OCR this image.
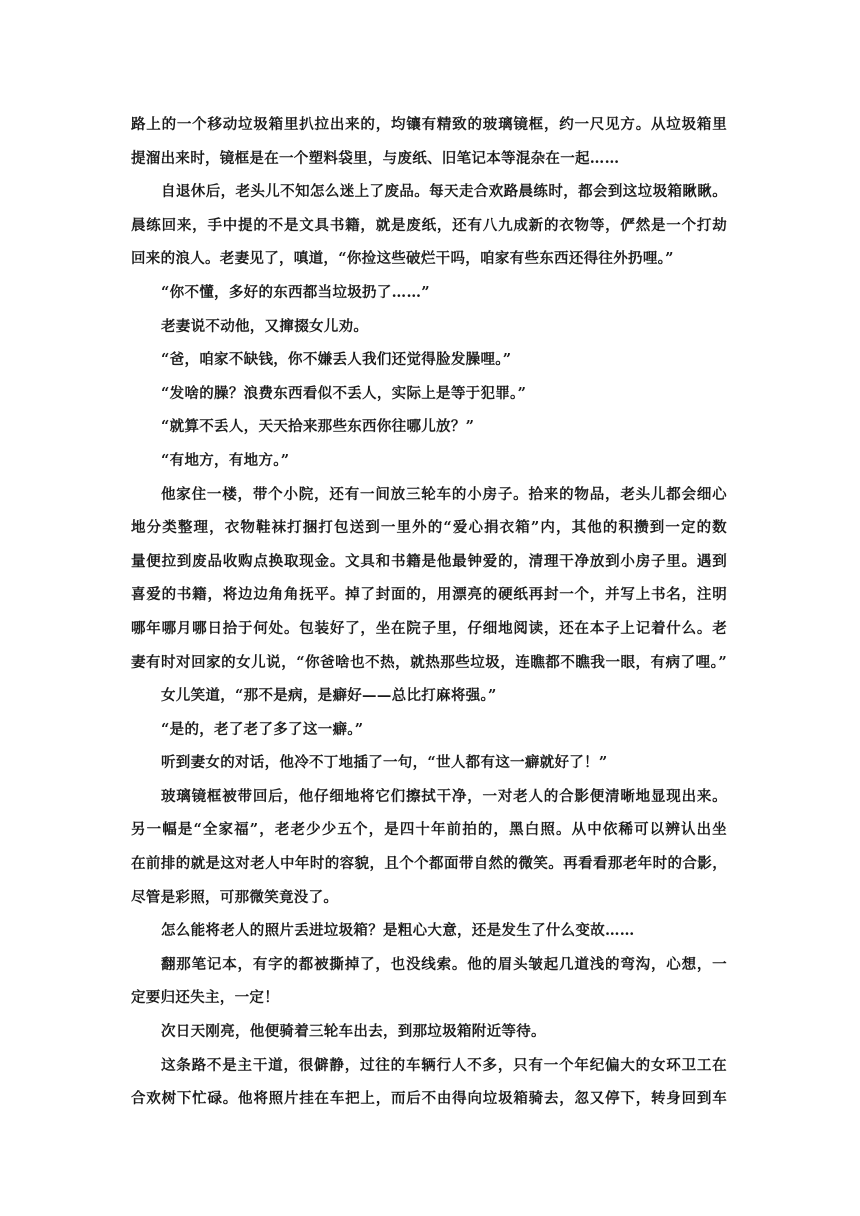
路上的一个移动垃圾箱里扒拉出来的，均镶有精致的玻璃镜框，约一尺见方。从垃圾箱里
提溜出来时，镜框是在一个塑料袋里，与废纸、旧笔记本等混杂在一起……
自退休后，老头儿不知怎么迷上了废品。每天走合欢路晨练时，都会到这垃圾箱瞅瞅。
晨练回来，手中提的不是文具书籍，就是废纸，还有八九成新的衣物等，俨然是一个打劫
回来的浪人。老妻见了，嗔道，“你捡这些破烂干吗，咱家有些东西还得往外扔哩。”
“你不懂，多好的东西都当垃圾扔了……”
老妻说不动他，又撺掇女儿劝。
“爸，咱家不缺钱，你不嫌丢人我们还觉得脸发臊哩。”
“发啥的臊？浪费东西看似不丢人，实际上是等于犯罪。”
“就算不丢人，天天拾来那些东西你往哪儿放？”
“有地方，有地方。”
他家住一楼，带个小院，还有一间放三轮车的小房子。拾来的物品，老头儿都会细心
地分类整理，衣物鞋袜打捆打包送到一里外的“爱心捐衣箱”内，其他的积攒到一定的数
量便拉到废品收购点换取现金。文具和书籍是他最钟爱的，清理干净放到小房子里。遇到
喜爱的书籍，将边边角角抚平。掉了封面的，用漂亮的硬纸再封一个，并写上书名，注明
哪年哪月哪日拾于何处。包装好了，坐在院子里，仔细地阅读，还在本子上记着什么。老
妻有时对回家的女儿说，“你爸啥也不热，就热那些垃圾，连瞧都不瞧我一眼，有病了哩。”
女儿笑道，“那不是病，是癖好——总比打麻将强。”
“是的，老了老了多了这一癖。”
听到妻女的对话，他冷不丁地插了一句，“世人都有这一癖就好了！”
玻璃镜框被带回后，他仔细地将它们擦拭干净，一对老人的合影便清晰地显现出来。
另一幅是“全家福”，老老少少五个，是四十年前拍的，黑白照。从中依稀可以辨认出坐
在前排的就是这对老人中年时的容貌，且个个都面带自然的微笑。再看看那老年时的合影，
尽管是彩照，可那微笑竟没了。
怎么能将老人的照片丢进垃圾箱？是粗心大意，还是发生了什么变故……
翻那笔记本，有字的都被撕掉了，也没线索。他的眉头皱起几道浅的弯沟，心想，一
定要归还失主，一定！
次日天刚亮，他便骑着三轮车出去，到那垃圾箱附近等待。
这条路不是主干道，很僻静，过往的车辆行人不多，只有一个年纪偏大的女环卫工在
合欢树下忙碌。他将照片挂在车把上，而后不由得向垃圾箱骑去，忽又停下，转身回到车
